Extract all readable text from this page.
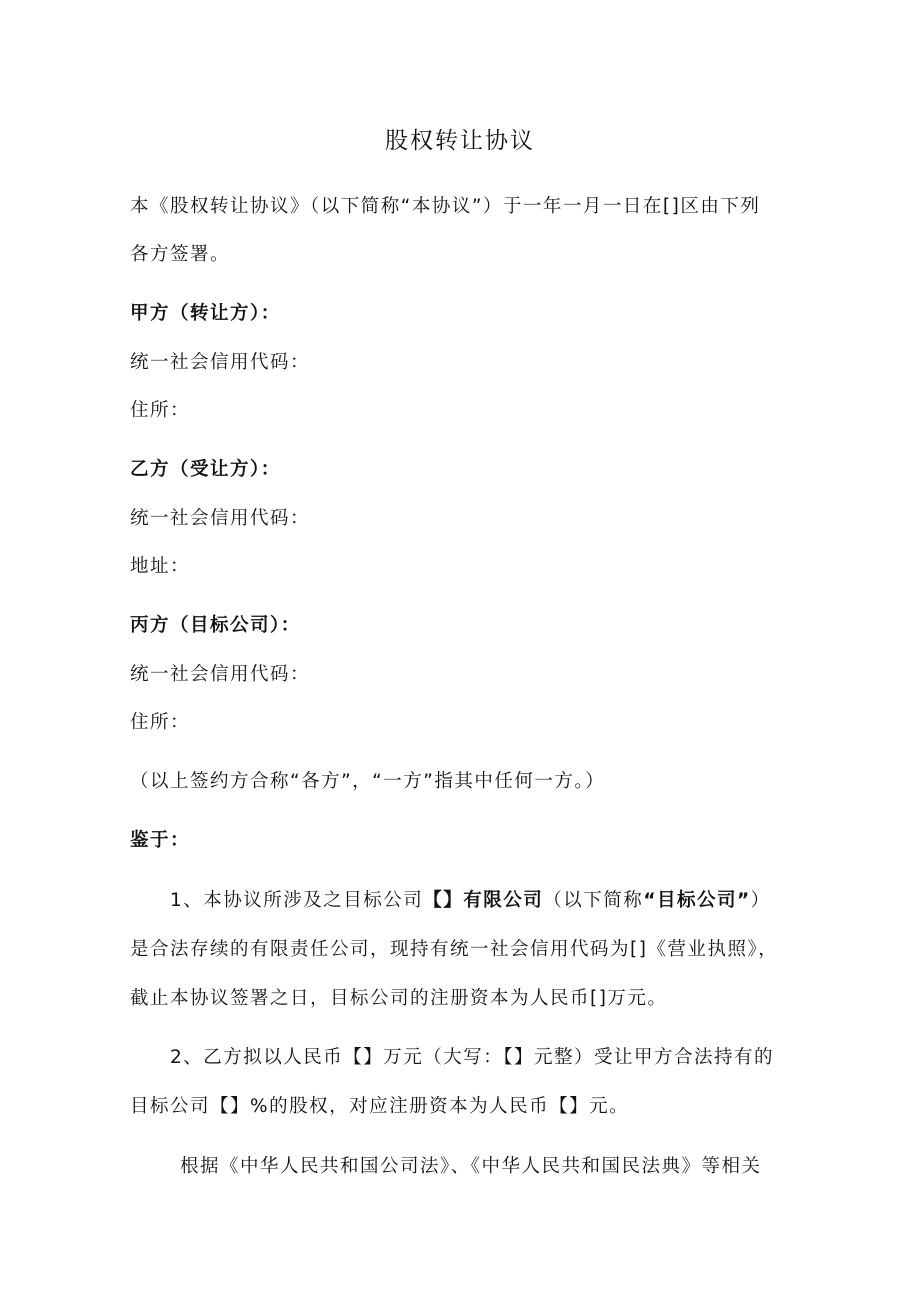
股权转让协议
本《股权转让协议》（以下简称“本协议”）于一年一月一日在[]区由下列
各方签署。
甲方（转让方）：
统一社会信用代码：
住所：
乙方（受让方）：
统一社会信用代码：
地址：
丙方（目标公司）：
统一社会信用代码：
住所：
（以上签约方合称“各方”，“一方”指其中任何一方。）
鉴于：
1、本协议所涉及之目标公司【】有限公司（以下简称“目标公司”）
是合法存续的有限责任公司，现持有统一社会信用代码为[]《营业执照》，
截止本协议签署之日，目标公司的注册资本为人民币[]万元。
2、乙方拟以人民币【】万元（大写：【】元整）受让甲方合法持有的
目标公司【】%的股权，对应注册资本为人民币【】元。
根据《中华人民共和国公司法》、《中华人民共和国民法典》等相关
